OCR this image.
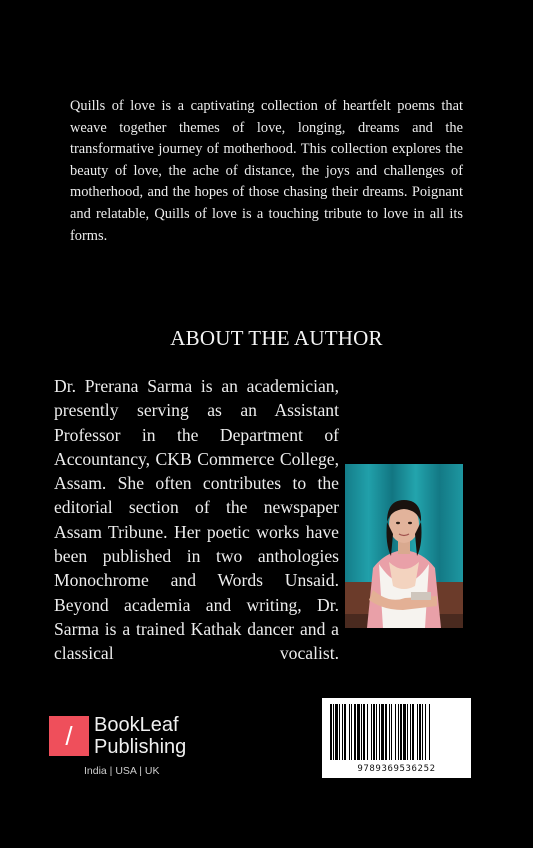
Quills of love is a captivating collection of heartfelt poems that weave together themes of love, longing, dreams and the transformative journey of motherhood. This collection explores the beauty of love, the ache of distance, the joys and challenges of motherhood, and the hopes of those chasing their dreams. Poignant and relatable, Quills of love is a touching tribute to love in all its forms.
ABOUT THE AUTHOR
Dr. Prerana Sarma is an academician, presently serving as an Assistant Professor in the Department of Accountancy, CKB Commerce College, Assam. She often contributes to the editorial section of the newspaper Assam Tribune. Her poetic works have been published in two anthologies Monochrome and Words Unsaid. Beyond academia and writing, Dr. Sarma is a trained Kathak dancer and a classical vocalist.
/	BookLeaf
Publishing
India | USA | UK	9789369536252
